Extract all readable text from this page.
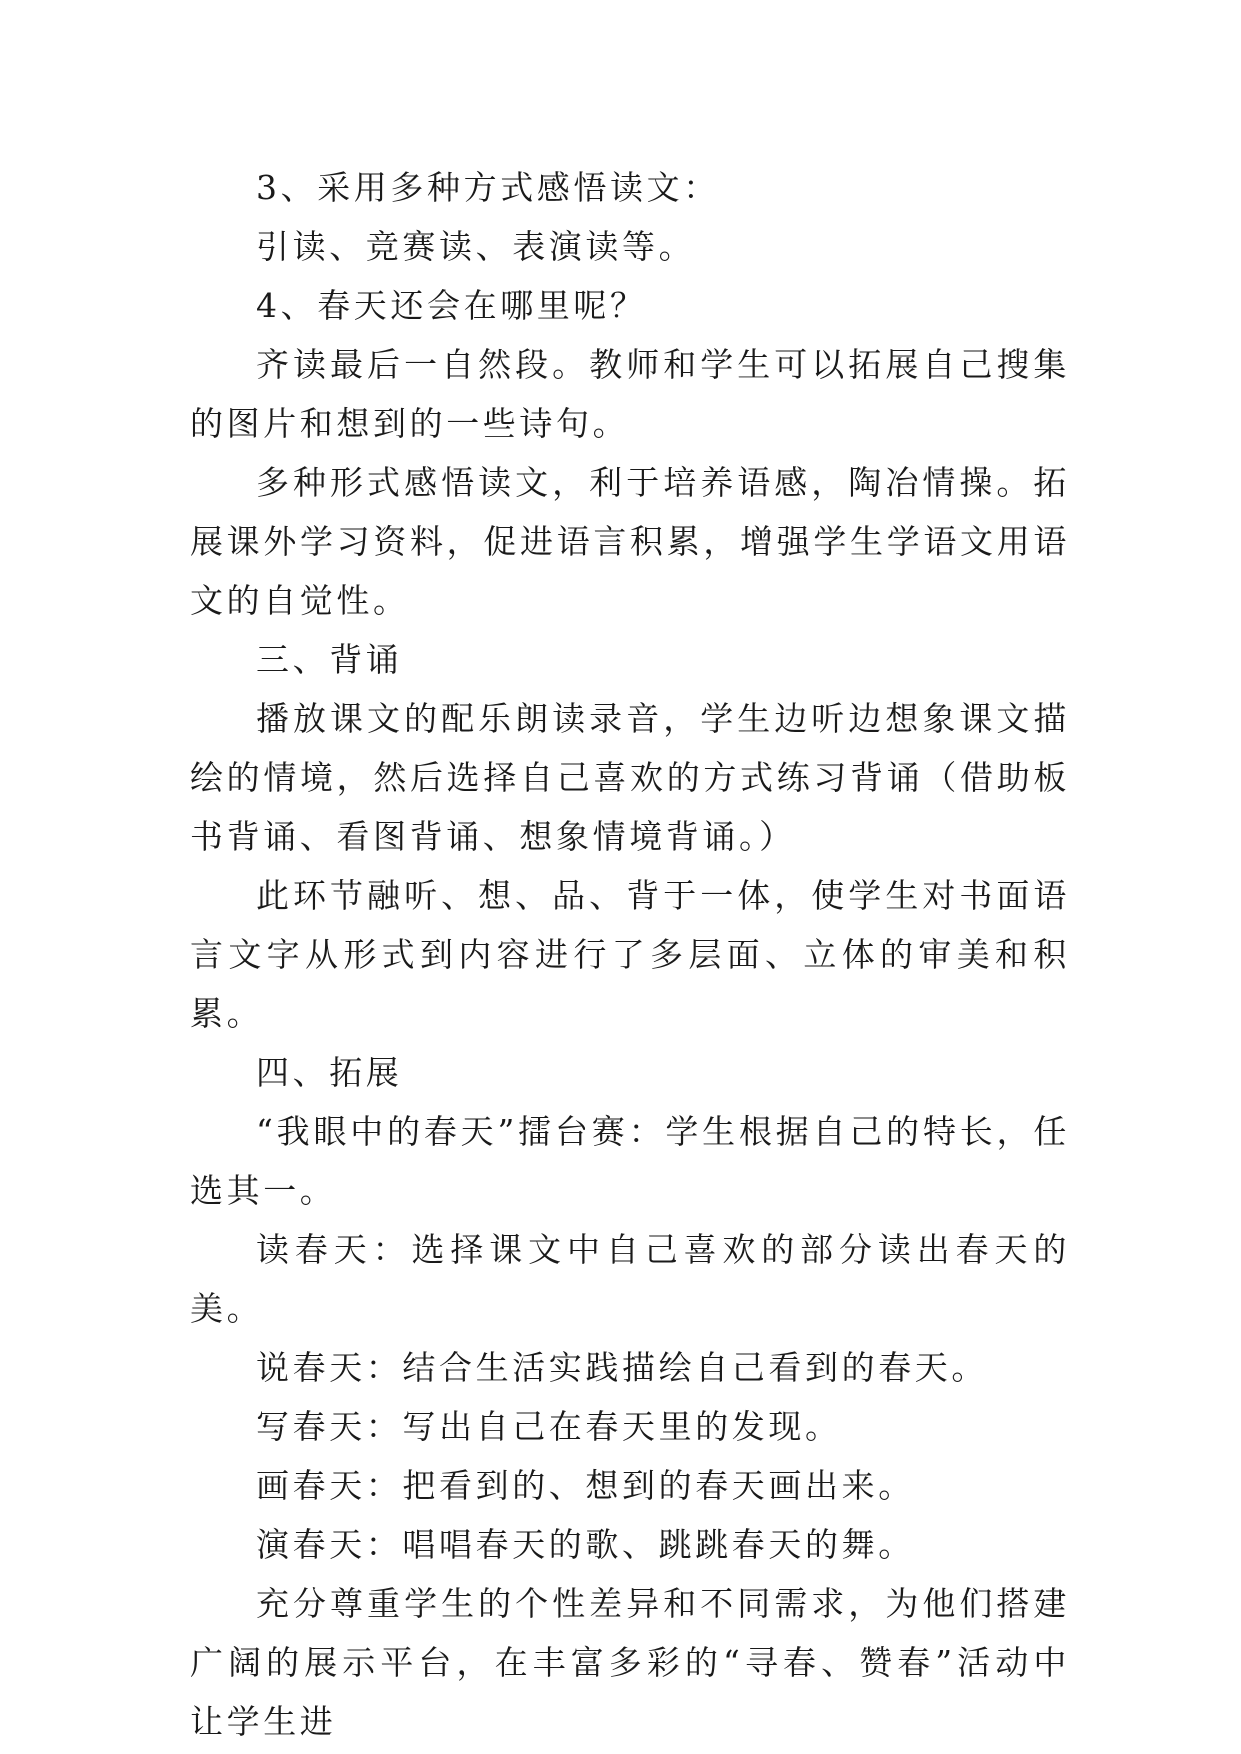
3、采用多种方式感悟读文：

引读、竞赛读、表演读等。

4、春天还会在哪里呢？

齐读最后一自然段。教师和学生可以拓展自己搜集的图片和想到的一些诗句。

多种形式感悟读文，利于培养语感，陶冶情操。拓展课外学习资料，促进语言积累，增强学生学语文用语文的自觉性。

三、背诵

播放课文的配乐朗读录音，学生边听边想象课文描绘的情境，然后选择自己喜欢的方式练习背诵（借助板书背诵、看图背诵、想象情境背诵。）

此环节融听、想、品、背于一体，使学生对书面语言文字从形式到内容进行了多层面、立体的审美和积累。

四、拓展

“我眼中的春天”擂台赛：学生根据自己的特长，任选其一。

读春天：选择课文中自己喜欢的部分读出春天的美。

说春天：结合生活实践描绘自己看到的春天。

写春天：写出自己在春天里的发现。

画春天：把看到的、想到的春天画出来。

演春天：唱唱春天的歌、跳跳春天的舞。

充分尊重学生的个性差异和不同需求，为他们搭建广阔的展示平台，在丰富多彩的“寻春、赞春”活动中让学生进
